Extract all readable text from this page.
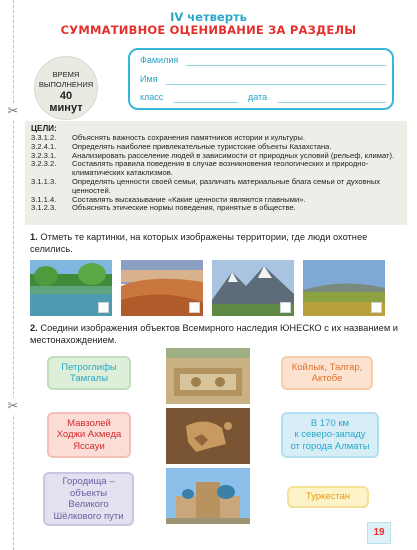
✂
✂
IV четверть
СУММАТИВНОЕ ОЦЕНИВАНИЕ ЗА РАЗДЕЛЫ
ВРЕМЯ
ВЫПОЛНЕНИЯ
40
минут
Фамилия
Имя
класс	дата
ЦЕЛИ:
3.3.1.2.	Объяснять важность сохранения памятников истории и культуры.
3.2.4.1.	Определять наиболее привлекательные туристские объекты Казахстана.
3.2.3.1.	Анализировать расселение людей в зависимости от природных условий (рельеф, климат).
3.2.3.2.	Составлять правила поведения в случае возникновения геологических и природно-климатических катаклизмов.
3.1.1.3.	Определять ценности своей семьи, различать материальные блага семьи от духовных ценностей.
3.1.1.4.	Составлять высказывание «Какие ценности являются главными».
3.1.2.3.	Объяснять этические нормы поведения, принятые в обществе.
1. Отметь те картинки, на которых изображены территории, где люди охотнее селились.
2. Соедини изображения объектов Всемирного наследия ЮНЕСКО с их названием и местонахождением.
Петроглифы
Тамгалы
Мавзолей
Ходжи Ахмеда
Яссауи
Городища –
объекты
Великого
Шёлкового пути
Койлык, Талгар,
Актобе
В 170 км
к северо-западу
от города Алматы
Туркестан
19
